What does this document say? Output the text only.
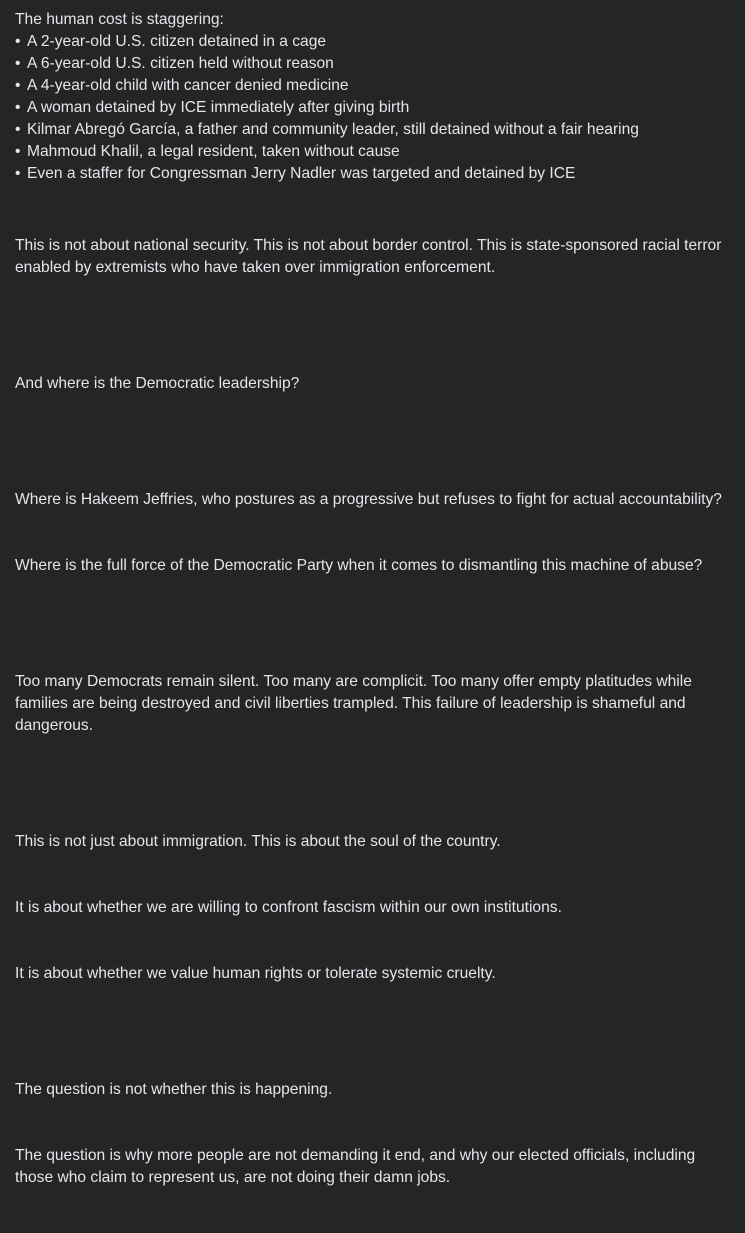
The human cost is staggering:

• A 2-year-old U.S. citizen detained in a cage
• A 6-year-old U.S. citizen held without reason
• A 4-year-old child with cancer denied medicine
• A woman detained by ICE immediately after giving birth
• Kilmar Abregó García, a father and community leader, still detained without a fair hearing
• Mahmoud Khalil, a legal resident, taken without cause
• Even a staffer for Congressman Jerry Nadler was targeted and detained by ICE

This is not about national security. This is not about border control. This is state-sponsored racial terror enabled by extremists who have taken over immigration enforcement.

And where is the Democratic leadership?

Where is Hakeem Jeffries, who postures as a progressive but refuses to fight for actual accountability?

Where is the full force of the Democratic Party when it comes to dismantling this machine of abuse?

Too many Democrats remain silent. Too many are complicit. Too many offer empty platitudes while families are being destroyed and civil liberties trampled. This failure of leadership is shameful and dangerous.

This is not just about immigration. This is about the soul of the country.

It is about whether we are willing to confront fascism within our own institutions.

It is about whether we value human rights or tolerate systemic cruelty.

The question is not whether this is happening.

The question is why more people are not demanding it end, and why our elected officials, including those who claim to represent us, are not doing their damn jobs.
